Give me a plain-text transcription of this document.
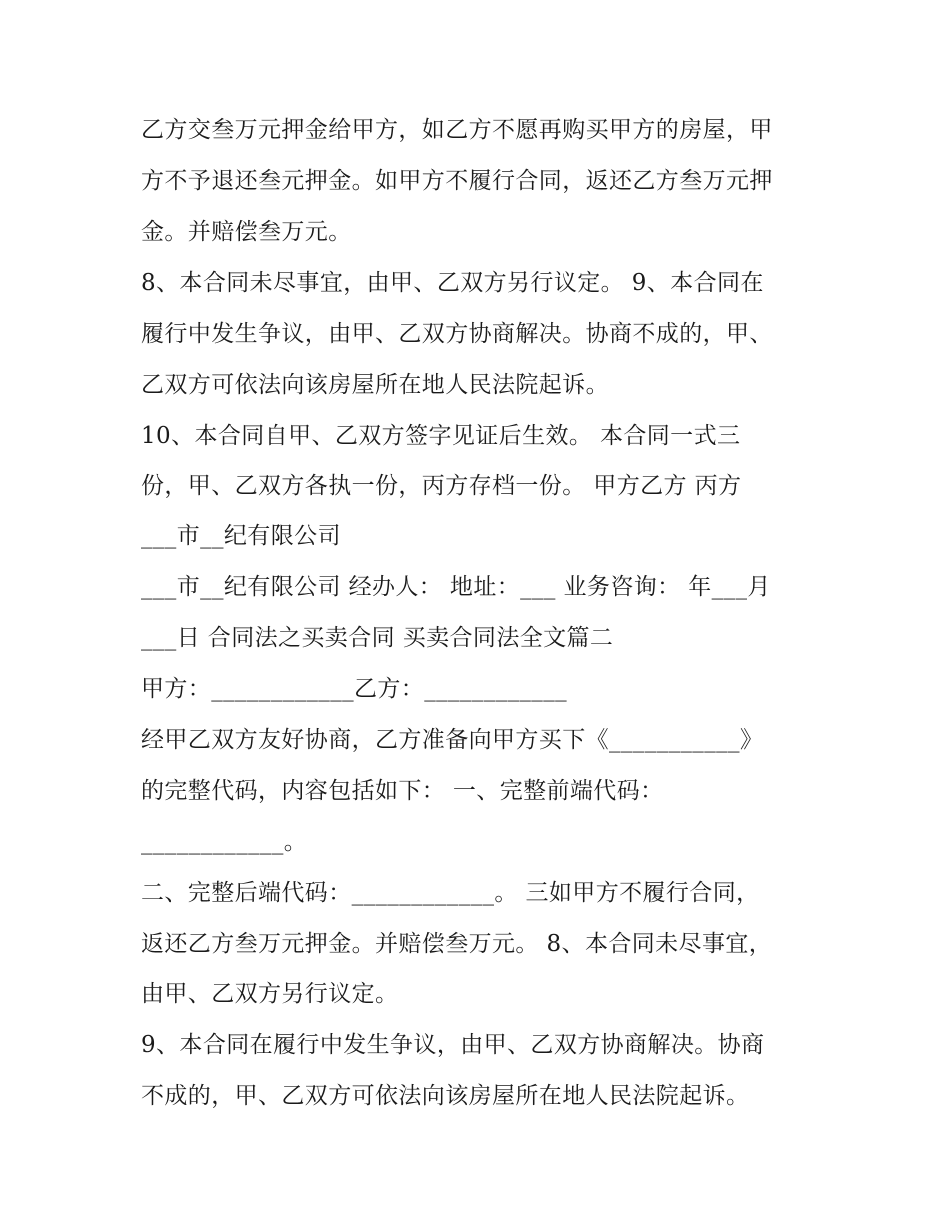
乙方交叁万元押金给甲方，如乙方不愿再购买甲方的房屋，甲
方不予退还叁元押金。如甲方不履行合同，返还乙方叁万元押
金。并赔偿叁万元。
8、本合同未尽事宜，由甲、乙双方另行议定。 9、本合同在
履行中发生争议，由甲、乙双方协商解决。协商不成的，甲、
乙双方可依法向该房屋所在地人民法院起诉。
10、本合同自甲、乙双方签字见证后生效。 本合同一式三
份，甲、乙双方各执一份，丙方存档一份。 甲方乙方 丙方
___市__纪有限公司
___市__纪有限公司 经办人： 地址：___ 业务咨询： 年___月
___日 合同法之买卖合同 买卖合同法全文篇二
甲方：____________乙方：____________
经甲乙双方友好协商，乙方准备向甲方买下《___________》
的完整代码，内容包括如下： 一、完整前端代码：
____________。
二、完整后端代码：____________。 三如甲方不履行合同，
返还乙方叁万元押金。并赔偿叁万元。 8、本合同未尽事宜，
由甲、乙双方另行议定。
9、本合同在履行中发生争议，由甲、乙双方协商解决。协商
不成的，甲、乙双方可依法向该房屋所在地人民法院起诉。
